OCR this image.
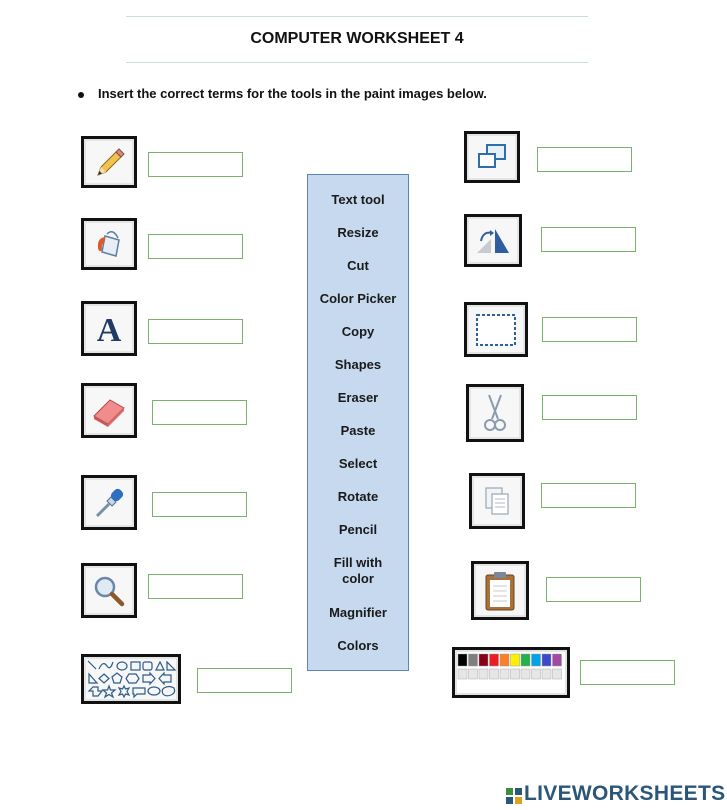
COMPUTER WORKSHEET 4
Insert the correct terms for the tools in the paint images below.
A
Text tool
Resize
Cut
Color Picker
Copy
Shapes
Eraser
Paste
Select
Rotate
Pencil
Fill with color
Magnifier
Colors
LIVEWORKSHEETS
